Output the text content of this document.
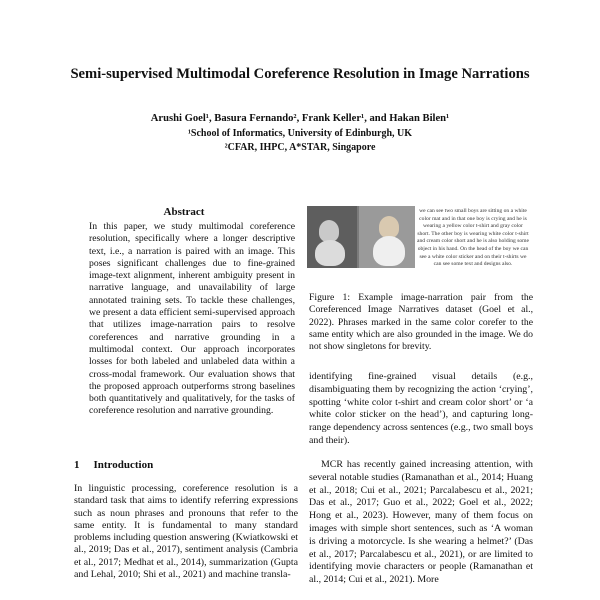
Semi-supervised Multimodal Coreference Resolution in Image Narrations
Arushi Goel¹, Basura Fernando², Frank Keller¹, and Hakan Bilen¹
¹School of Informatics, University of Edinburgh, UK
²CFAR, IHPC, A*STAR, Singapore
Abstract
In this paper, we study multimodal coreference resolution, specifically where a longer descriptive text, i.e., a narration is paired with an image. This poses significant challenges due to fine-grained image-text alignment, inherent ambiguity present in narrative language, and unavailability of large annotated training sets. To tackle these challenges, we present a data efficient semi-supervised approach that utilizes image-narration pairs to resolve coreferences and narrative grounding in a multimodal context. Our approach incorporates losses for both labeled and unlabeled data within a cross-modal framework. Our evaluation shows that the proposed approach outperforms strong baselines both quantitatively and qualitatively, for the tasks of coreference resolution and narrative grounding.
1 Introduction
In linguistic processing, coreference resolution is a standard task that aims to identify referring expressions such as noun phrases and pronouns that refer to the same entity. It is fundamental to many standard problems including question answering (Kwiatkowski et al., 2019; Das et al., 2017), sentiment analysis (Cambria et al., 2017; Medhat et al., 2014), summarization (Gupta and Lehal, 2010; Shi et al., 2021) and machine transla-
we can see two small boys are sitting on a white color mat and in that one boy is crying and he is wearing a yellow color t-shirt and gray color short. The other boy is wearing white color t-shirt and cream color short and he is also holding some object in his hand. On the head of the boy we can see a white color sticker and on their t-shirts we can see some text and designs also.
Figure 1: Example image-narration pair from the Coreferenced Image Narratives dataset (Goel et al., 2022). Phrases marked in the same color corefer to the same entity which are also grounded in the image. We do not show singletons for brevity.
identifying fine-grained visual details (e.g., disambiguating them by recognizing the action ‘crying’, spotting ‘white color t-shirt and cream color short’ or ‘a white color sticker on the head’), and capturing long-range dependency across sentences (e.g., two small boys and their).
MCR has recently gained increasing attention, with several notable studies (Ramanathan et al., 2014; Huang et al., 2018; Cui et al., 2021; Parcalabescu et al., 2021; Das et al., 2017; Guo et al., 2022; Goel et al., 2022; Hong et al., 2023). However, many of them focus on images with simple short sentences, such as ‘A woman is driving a motorcycle. Is she wearing a helmet?’ (Das et al., 2017; Parcalabescu et al., 2021), or are limited to identifying movie characters or people (Ramanathan et al., 2014; Cui et al., 2021). More
